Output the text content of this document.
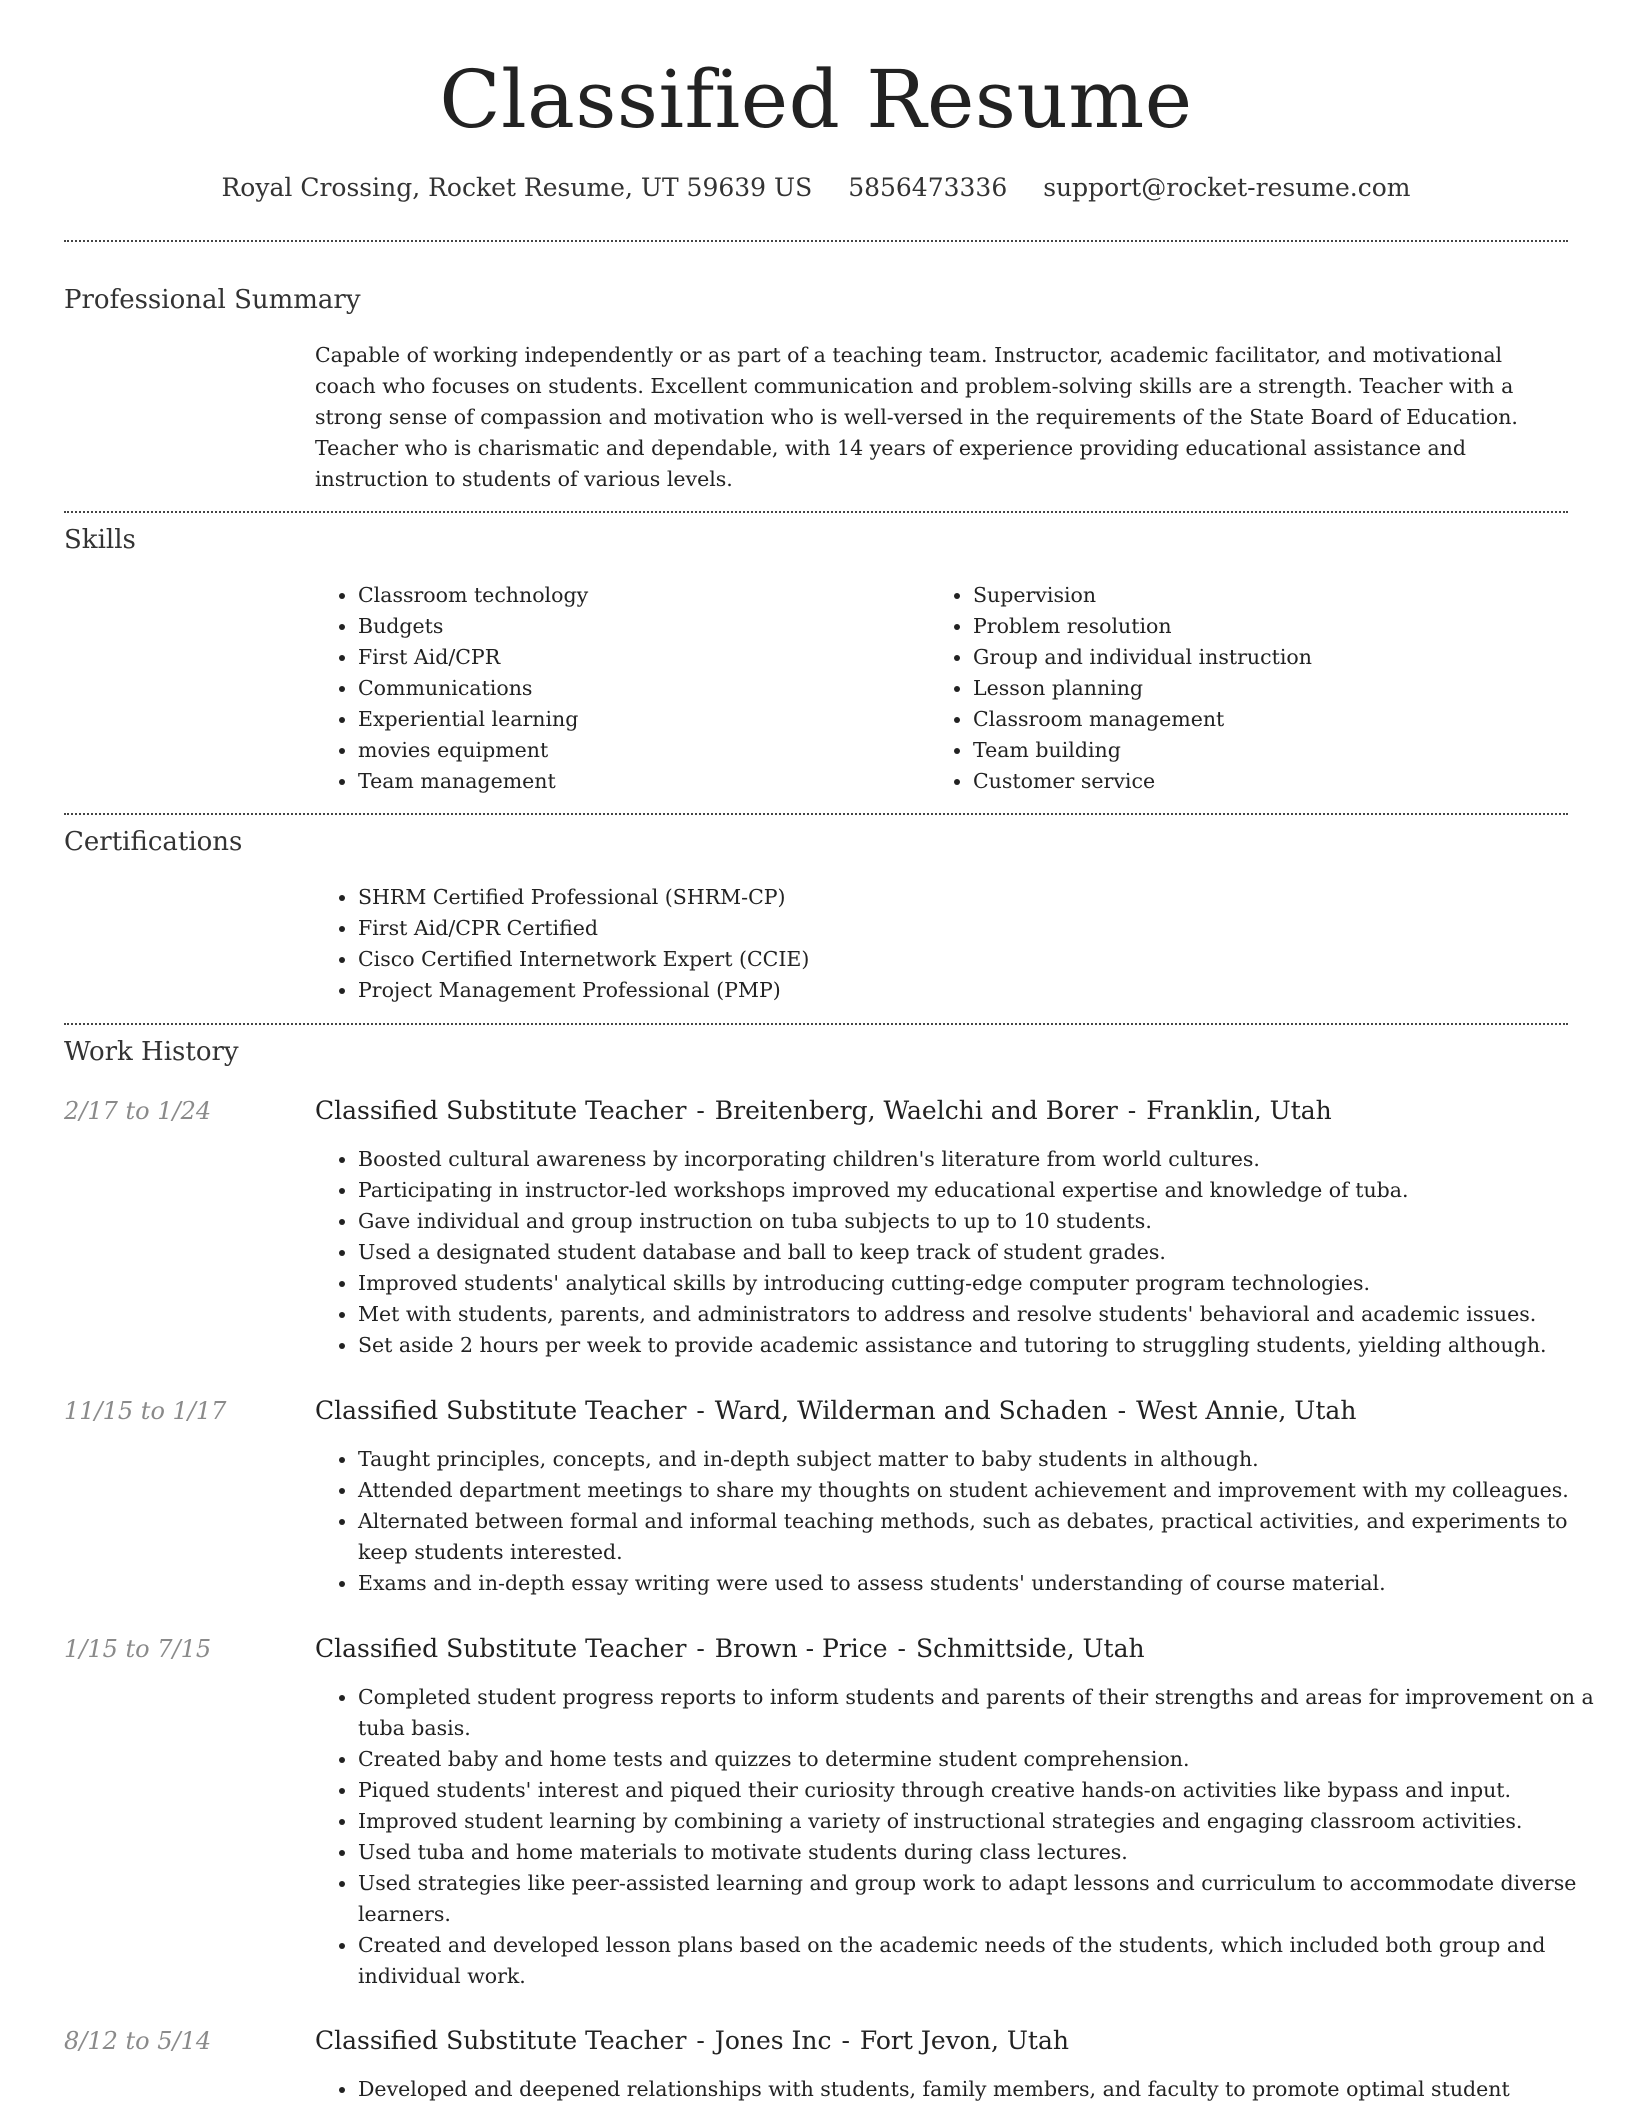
Classified Resume
Royal Crossing, Rocket Resume, UT 59639 US 5856473336 support@rocket-resume.com
Professional Summary
Capable of working independently or as part of a teaching team. Instructor, academic facilitator, and motivational coach who focuses on students. Excellent communication and problem-solving skills are a strength. Teacher with a strong sense of compassion and motivation who is well-versed in the requirements of the State Board of Education. Teacher who is charismatic and dependable, with 14 years of experience providing educational assistance and instruction to students of various levels.
Skills
• Classroom technology
• Budgets
• First Aid/CPR
• Communications
• Experiential learning
• movies equipment
• Team management
• Supervision
• Problem resolution
• Group and individual instruction
• Lesson planning
• Classroom management
• Team building
• Customer service
Certifications
• SHRM Certified Professional (SHRM-CP)
• First Aid/CPR Certified
• Cisco Certified Internetwork Expert (CCIE)
• Project Management Professional (PMP)
Work History
2/17 to 1/24	Classified Substitute Teacher - Breitenberg, Waelchi and Borer - Franklin, Utah
• Boosted cultural awareness by incorporating children's literature from world cultures.
• Participating in instructor-led workshops improved my educational expertise and knowledge of tuba.
• Gave individual and group instruction on tuba subjects to up to 10 students.
• Used a designated student database and ball to keep track of student grades.
• Improved students' analytical skills by introducing cutting-edge computer program technologies.
• Met with students, parents, and administrators to address and resolve students' behavioral and academic issues.
• Set aside 2 hours per week to provide academic assistance and tutoring to struggling students, yielding although.
11/15 to 1/17	Classified Substitute Teacher - Ward, Wilderman and Schaden - West Annie, Utah
• Taught principles, concepts, and in-depth subject matter to baby students in although.
• Attended department meetings to share my thoughts on student achievement and improvement with my colleagues.
• Alternated between formal and informal teaching methods, such as debates, practical activities, and experiments to keep students interested.
• Exams and in-depth essay writing were used to assess students' understanding of course material.
1/15 to 7/15	Classified Substitute Teacher - Brown - Price - Schmittside, Utah
• Completed student progress reports to inform students and parents of their strengths and areas for improvement on a tuba basis.
• Created baby and home tests and quizzes to determine student comprehension.
• Piqued students' interest and piqued their curiosity through creative hands-on activities like bypass and input.
• Improved student learning by combining a variety of instructional strategies and engaging classroom activities.
• Used tuba and home materials to motivate students during class lectures.
• Used strategies like peer-assisted learning and group work to adapt lessons and curriculum to accommodate diverse learners.
• Created and developed lesson plans based on the academic needs of the students, which included both group and individual work.
8/12 to 5/14	Classified Substitute Teacher - Jones Inc - Fort Jevon, Utah
• Developed and deepened relationships with students, family members, and faculty to promote optimal student
